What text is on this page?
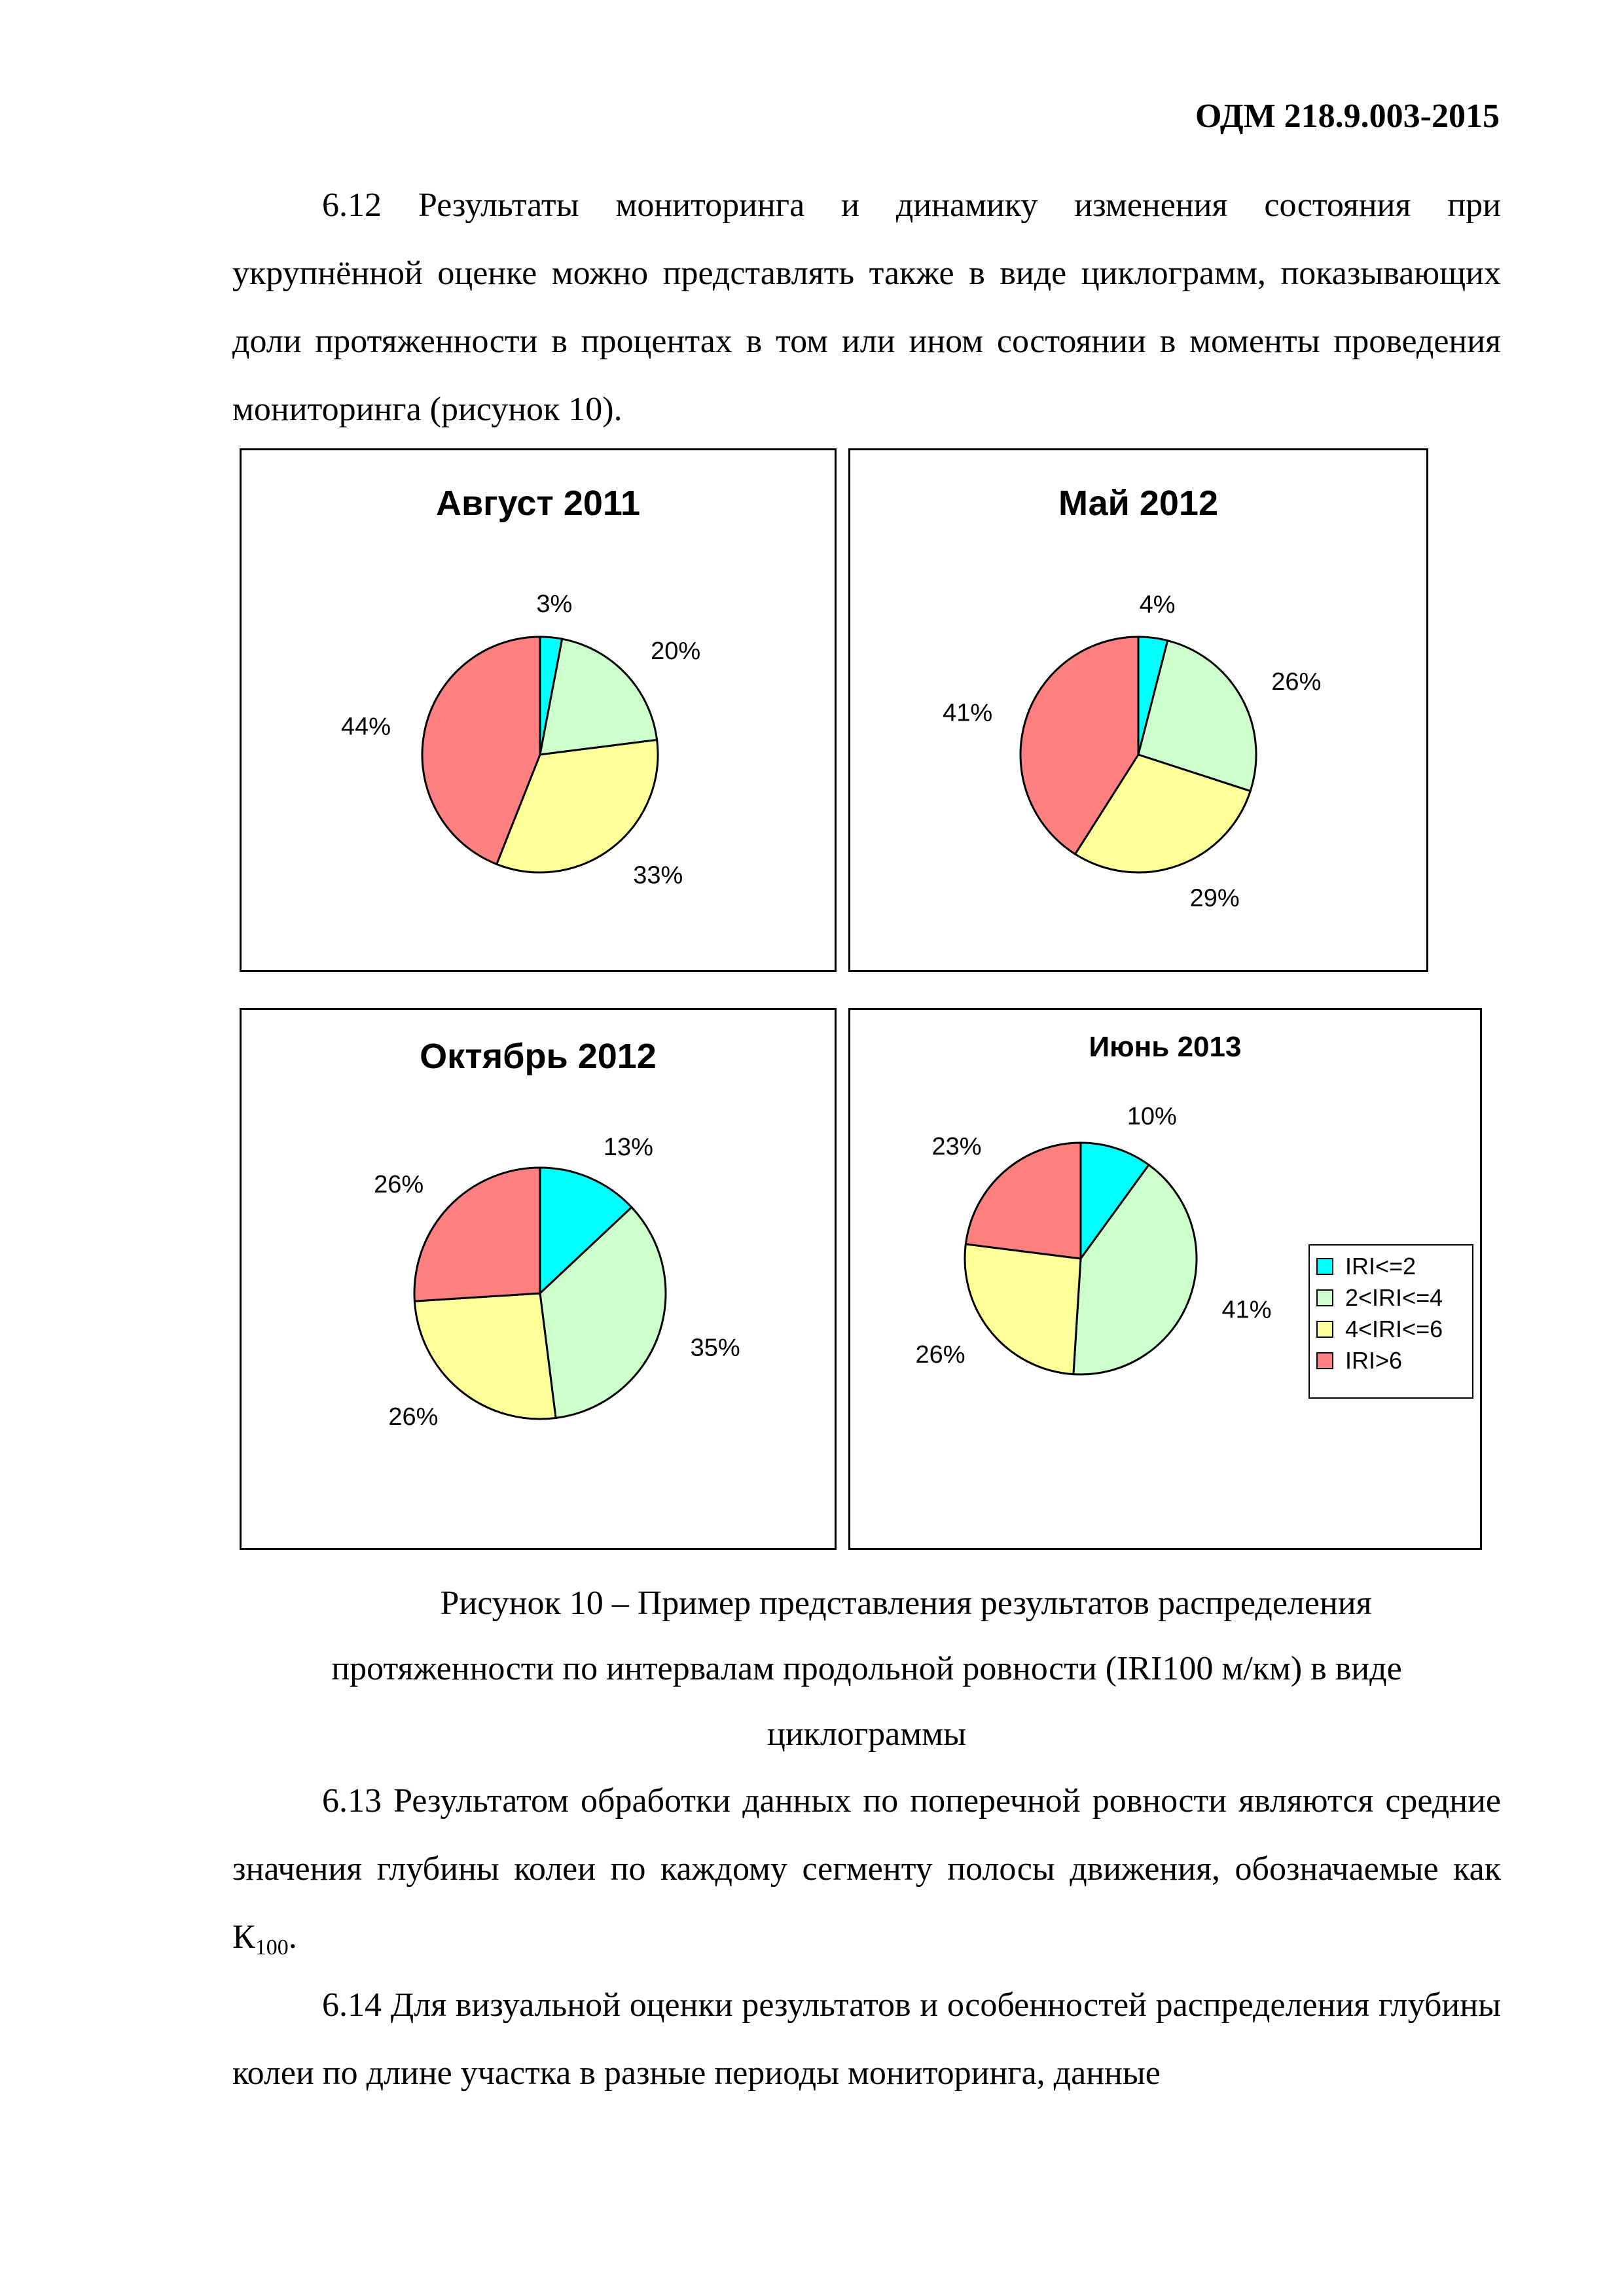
ОДМ 218.9.003-2015

6.12 Результаты мониторинга и динамику изменения состояния при укрупнённой оценке можно представлять также в виде циклограмм, показывающих доли протяженности в процентах в том или ином состоянии в моменты проведения мониторинга (рисунок 10).

Август 2011
3%
20%
33%
44%
Май 2012
4%
26%
29%
41%
Октябрь 2012
13%
35%
26%
26%
Июнь 2013
10%
41%
26%
23%
IRI<=2
2<IRI<=4
4<IRI<=6
IRI>6
Рисунок 10 – Пример представления результатов распределения
протяженности по интервалам продольной ровности (IRI100 м/км) в виде
циклограммы

6.13 Результатом обработки данных по поперечной ровности являются средние значения глубины колеи по каждому сегменту полосы движения, обозначаемые как $К_{100}$.

6.14 Для визуальной оценки результатов и особенностей распределения глубины колеи по длине участка в разные периоды мониторинга, данные
